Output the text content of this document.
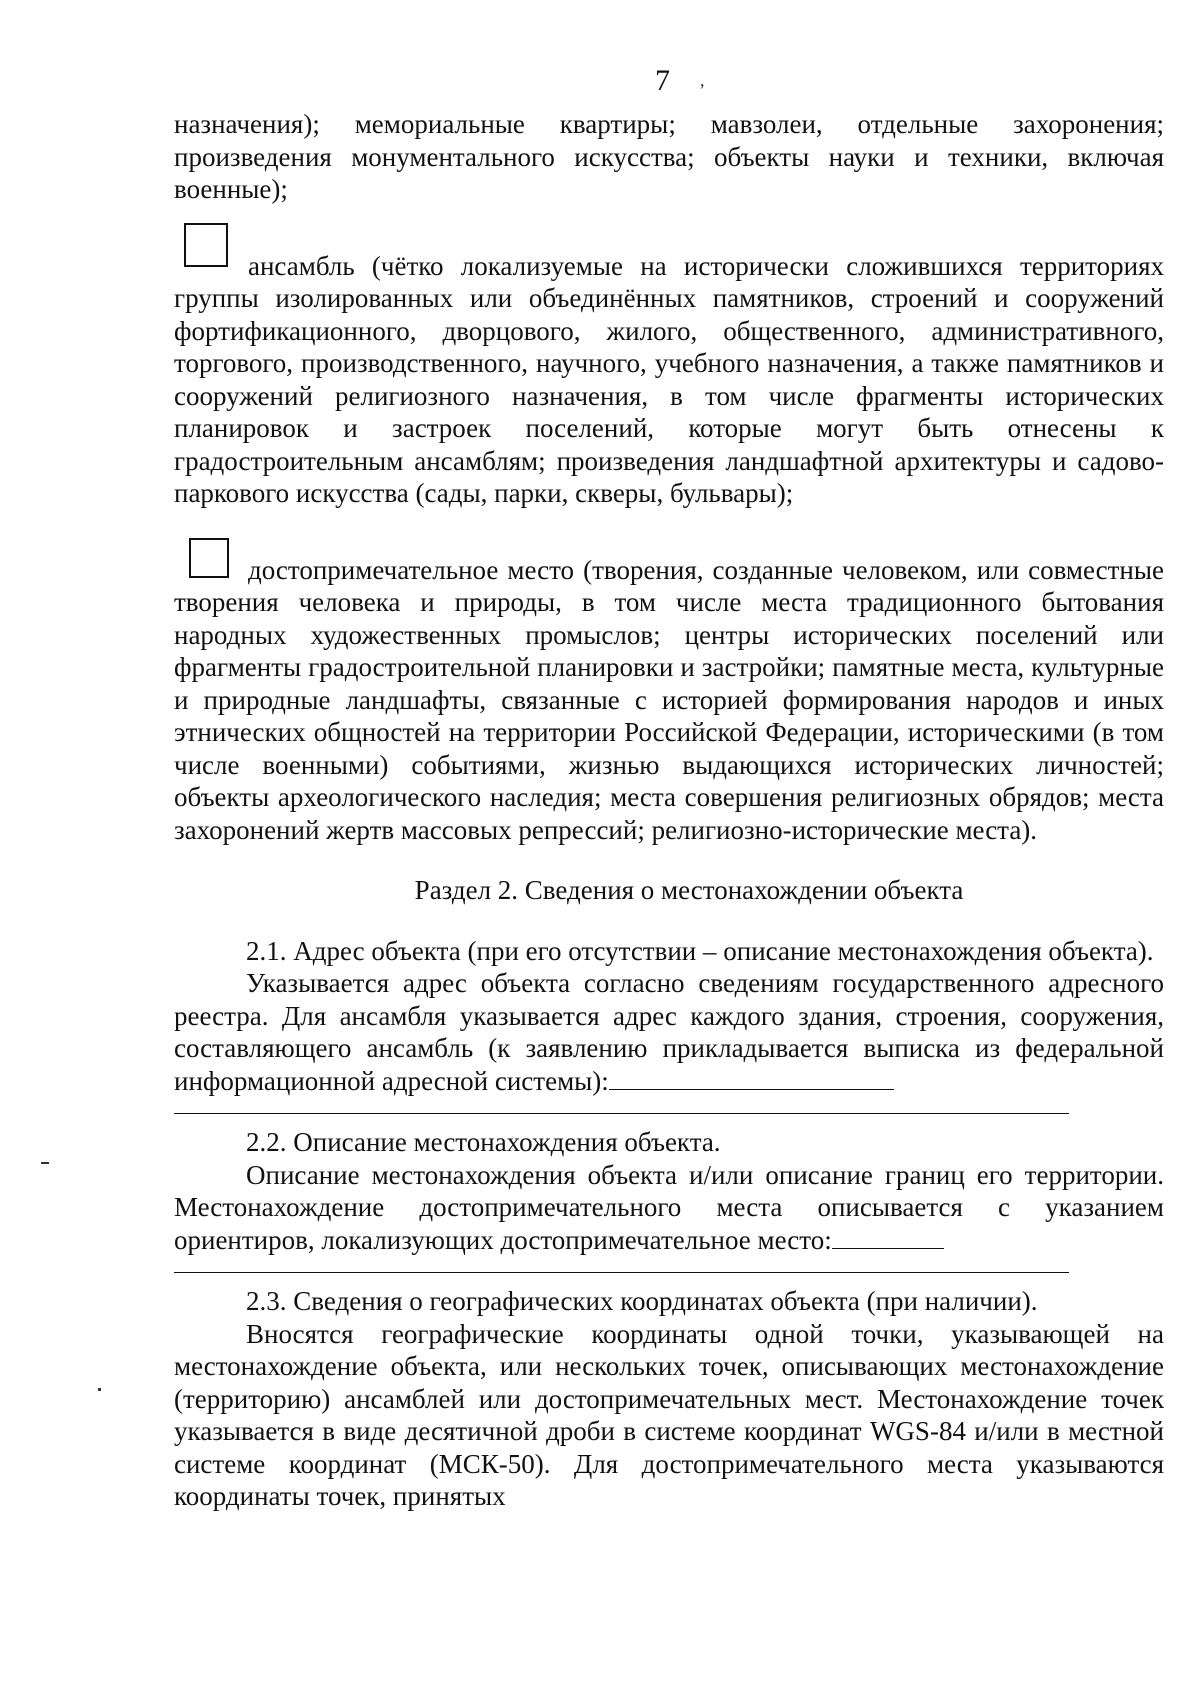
7 ,

назначения); мемориальные квартиры; мавзолеи, отдельные захоронения; произведения монументального искусства; объекты науки и техники, включая военные);

ансамбль (чётко локализуемые на исторически сложившихся территориях группы изолированных или объединённых памятников, строений и сооружений фортификационного, дворцового, жилого, общественного, административного, торгового, производственного, научного, учебного назначения, а также памятников и сооружений религиозного назначения, в том числе фрагменты исторических планировок и застроек поселений, которые могут быть отнесены к градостроительным ансамблям; произведения ландшафтной архитектуры и садово-паркового искусства (сады, парки, скверы, бульвары);

достопримечательное место (творения, созданные человеком, или совместные творения человека и природы, в том числе места традиционного бытования народных художественных промыслов; центры исторических поселений или фрагменты градостроительной планировки и застройки; памятные места, культурные и природные ландшафты, связанные с историей формирования народов и иных этнических общностей на территории Российской Федерации, историческими (в том числе военными) событиями, жизнью выдающихся исторических личностей; объекты археологического наследия; места совершения религиозных обрядов; места захоронений жертв массовых репрессий; религиозно-исторические места).

Раздел 2. Сведения о местонахождении объекта

2.1. Адрес объекта (при его отсутствии – описание местонахождения объекта).

Указывается адрес объекта согласно сведениям государственного адресного реестра. Для ансамбля указывается адрес каждого здания, строения, сооружения, составляющего ансамбль (к заявлению прикладывается выписка из федеральной информационной адресной системы):

2.2. Описание местонахождения объекта.

Описание местонахождения объекта и/или описание границ его территории. Местонахождение достопримечательного места описывается с указанием ориентиров, локализующих достопримечательное место:

2.3. Сведения о географических координатах объекта (при наличии).

Вносятся географические координаты одной точки, указывающей на местонахождение объекта, или нескольких точек, описывающих местонахождение (территорию) ансамблей или достопримечательных мест. Местонахождение точек указывается в виде десятичной дроби в системе координат WGS-84 и/или в местной системе координат (МСК-50). Для достопримечательного места указываются координаты точек, принятых
